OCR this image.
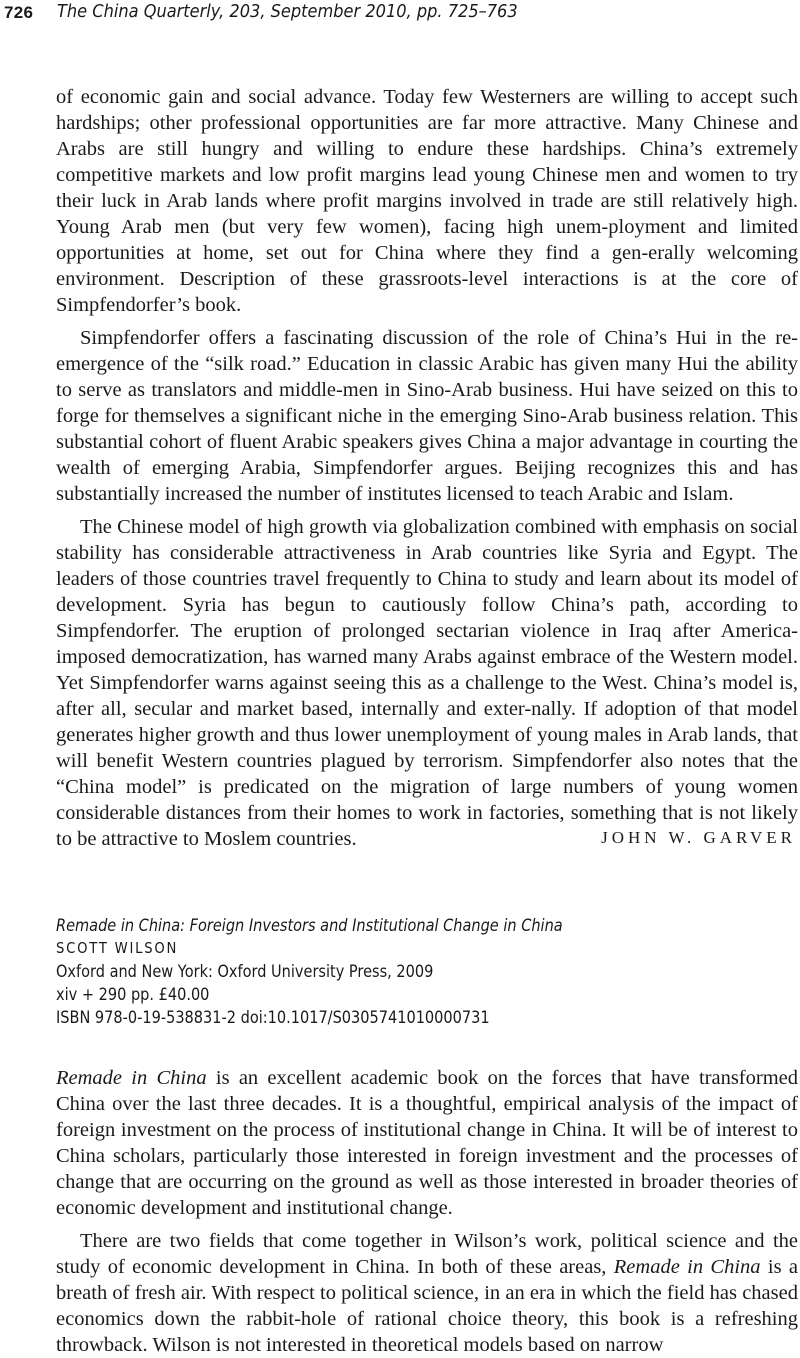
726 The China Quarterly, 203, September 2010, pp. 725–763

of economic gain and social advance. Today few Westerners are willing to accept such hardships; other professional opportunities are far more attractive. Many Chinese and Arabs are still hungry and willing to endure these hardships. China’s extremely competitive markets and low profit margins lead young Chinese men and women to try their luck in Arab lands where profit margins involved in trade are still relatively high. Young Arab men (but very few women), facing high unem-ployment and limited opportunities at home, set out for China where they find a gen-erally welcoming environment. Description of these grassroots-level interactions is at the core of Simpfendorfer’s book.

Simpfendorfer offers a fascinating discussion of the role of China’s Hui in the re-emergence of the “silk road.” Education in classic Arabic has given many Hui the ability to serve as translators and middle-men in Sino-Arab business. Hui have seized on this to forge for themselves a significant niche in the emerging Sino-Arab business relation. This substantial cohort of fluent Arabic speakers gives China a major advantage in courting the wealth of emerging Arabia, Simpfendorfer argues. Beijing recognizes this and has substantially increased the number of institutes licensed to teach Arabic and Islam.

The Chinese model of high growth via globalization combined with emphasis on social stability has considerable attractiveness in Arab countries like Syria and Egypt. The leaders of those countries travel frequently to China to study and learn about its model of development. Syria has begun to cautiously follow China’s path, according to Simpfendorfer. The eruption of prolonged sectarian violence in Iraq after America-imposed democratization, has warned many Arabs against embrace of the Western model. Yet Simpfendorfer warns against seeing this as a challenge to the West. China’s model is, after all, secular and market based, internally and exter-nally. If adoption of that model generates higher growth and thus lower unemployment of young males in Arab lands, that will benefit Western countries plagued by terrorism. Simpfendorfer also notes that the “China model” is predicated on the migration of large numbers of young women considerable distances from their homes to work in factories, something that is not likely to be attractive to Moslem countries.	JOHN W. GARVER
Remade in China: Foreign Investors and Institutional Change in China
SCOTT WILSON
Oxford and New York: Oxford University Press, 2009
xiv + 290 pp. £40.00
ISBN 978-0-19-538831-2 doi:10.1017/S0305741010000731

Remade in China is an excellent academic book on the forces that have transformed China over the last three decades. It is a thoughtful, empirical analysis of the impact of foreign investment on the process of institutional change in China. It will be of interest to China scholars, particularly those interested in foreign investment and the processes of change that are occurring on the ground as well as those interested in broader theories of economic development and institutional change.

There are two fields that come together in Wilson’s work, political science and the study of economic development in China. In both of these areas, Remade in China is a breath of fresh air. With respect to political science, in an era in which the field has chased economics down the rabbit-hole of rational choice theory, this book is a refreshing throwback. Wilson is not interested in theoretical models based on narrow
